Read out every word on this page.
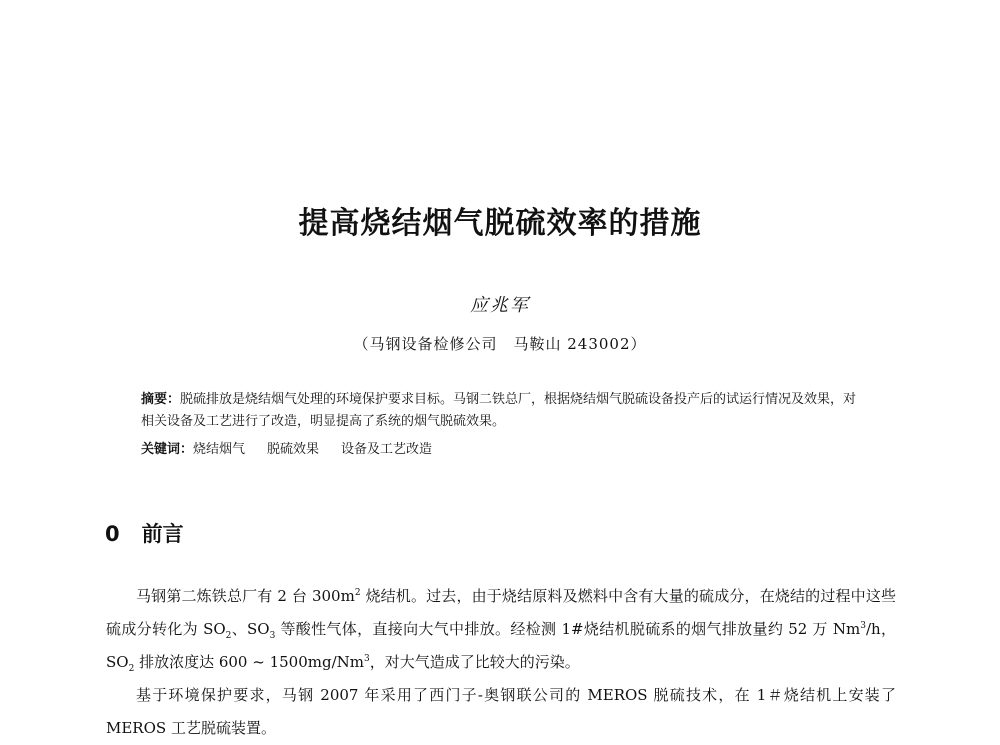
提高烧结烟气脱硫效率的措施
应兆军
（马钢设备检修公司　马鞍山 243002）

摘要：脱硫排放是烧结烟气处理的环境保护要求目标。马钢二铁总厂，根据烧结烟气脱硫设备投产后的试运行情况及效果，对相关设备及工艺进行了改造，明显提高了系统的烟气脱硫效果。

关键词：烧结烟气 脱硫效果 设备及工艺改造

0 前言

马钢第二炼铁总厂有 2 台 $300m^2$ 烧结机。过去，由于烧结原料及燃料中含有大量的硫成分，在烧结的过程中这些硫成分转化为 $SO_2$、$SO_3$ 等酸性气体，直接向大气中排放。经检测 1#烧结机脱硫系的烟气排放量约 52 万 Nm$^3$/h，$SO_2$ 排放浓度达 600 ~ 1500mg/Nm$^3$，对大气造成了比较大的污染。

基于环境保护要求，马钢 2007 年采用了西门子-奥钢联公司的 MEROS 脱硫技术，在 1＃烧结机上安装了 MEROS 工艺脱硫装置。
